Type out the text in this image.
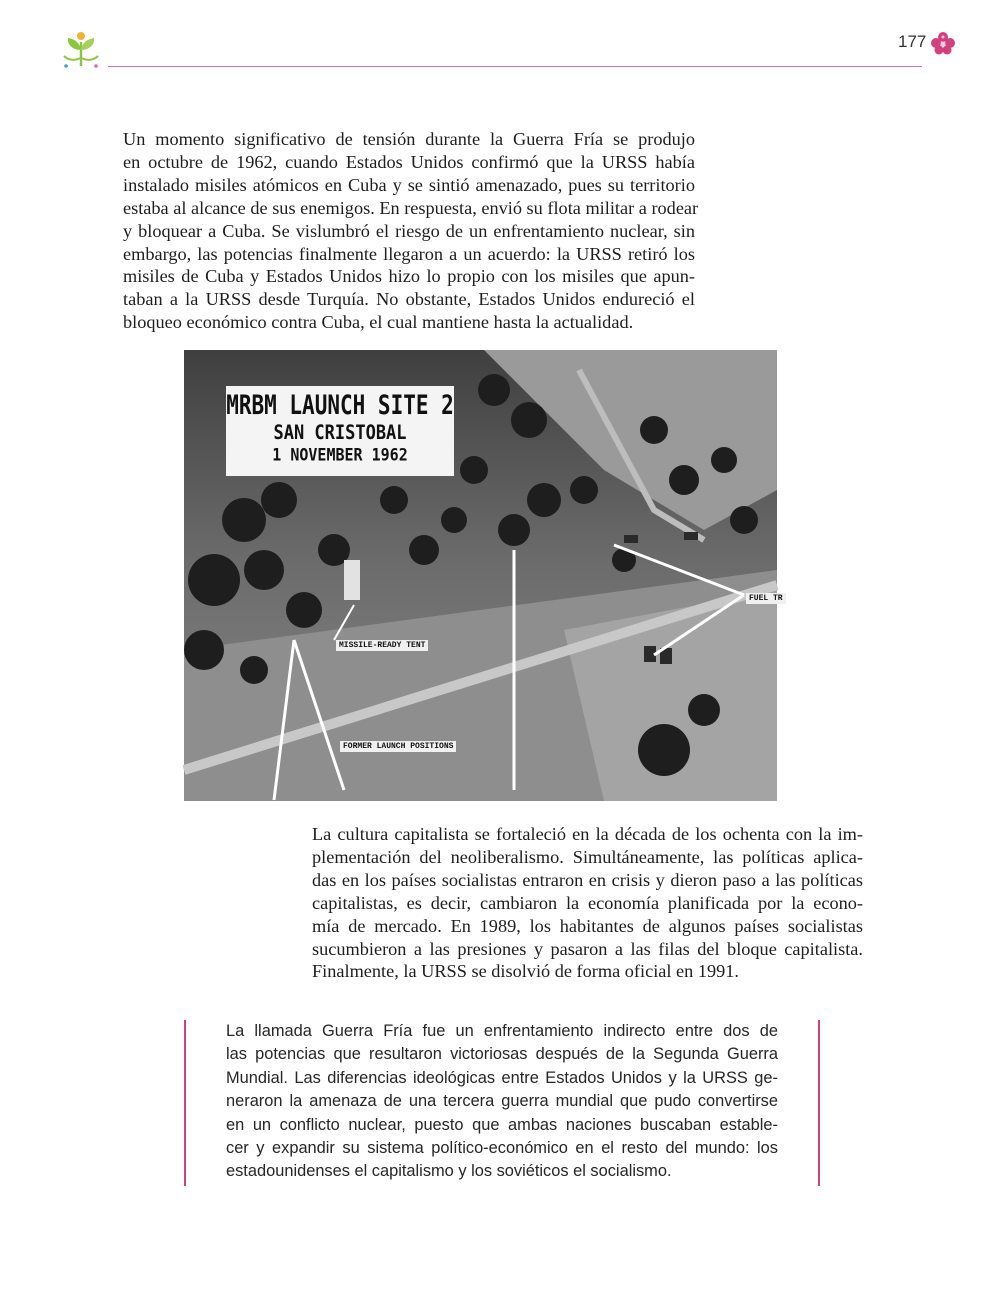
177
Un momento significativo de tensión durante la Guerra Fría se produjo
en octubre de 1962, cuando Estados Unidos confirmó que la URSS había
instalado misiles atómicos en Cuba y se sintió amenazado, pues su territorio
estaba al alcance de sus enemigos. En respuesta, envió su flota militar a rodear
y bloquear a Cuba. Se vislumbró el riesgo de un enfrentamiento nuclear, sin
embargo, las potencias finalmente llegaron a un acuerdo: la URSS retiró los
misiles de Cuba y Estados Unidos hizo lo propio con los misiles que apun-
taban a la URSS desde Turquía. No obstante, Estados Unidos endureció el
bloqueo económico contra Cuba, el cual mantiene hasta la actualidad.
MRBM LAUNCH SITE 2
SAN CRISTOBAL
1 NOVEMBER 1962
MISSILE-READY TENT
FORMER LAUNCH POSITIONS
FUEL TR
La cultura capitalista se fortaleció en la década de los ochenta con la im-
plementación del neoliberalismo. Simultáneamente, las políticas aplica-
das en los países socialistas entraron en crisis y dieron paso a las políticas
capitalistas, es decir, cambiaron la economía planificada por la econo-
mía de mercado. En 1989, los habitantes de algunos países socialistas
sucumbieron a las presiones y pasaron a las filas del bloque capitalista.
Finalmente, la URSS se disolvió de forma oficial en 1991.
La llamada Guerra Fría fue un enfrentamiento indirecto entre dos de
las potencias que resultaron victoriosas después de la Segunda Guerra
Mundial. Las diferencias ideológicas entre Estados Unidos y la URSS ge-
neraron la amenaza de una tercera guerra mundial que pudo convertirse
en un conflicto nuclear, puesto que ambas naciones buscaban estable-
cer y expandir su sistema político-económico en el resto del mundo: los
estadounidenses el capitalismo y los soviéticos el socialismo.
